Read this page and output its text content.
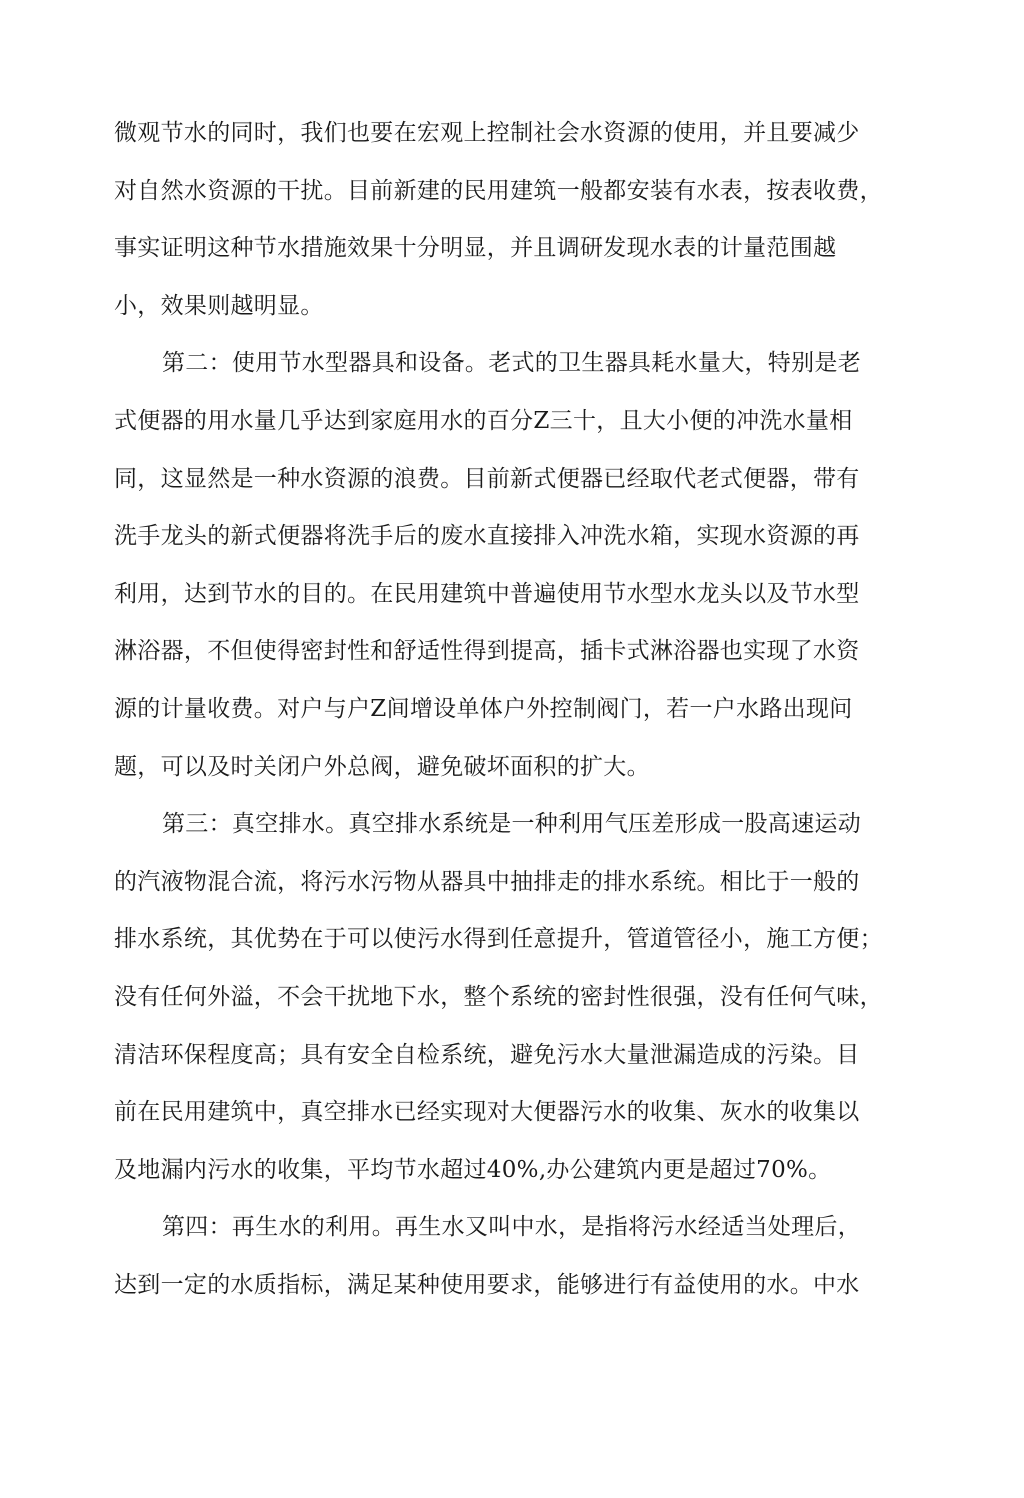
微观节水的同时，我们也要在宏观上控制社会水资源的使用，并且要减少
对自然水资源的干扰。目前新建的民用建筑一般都安装有水表，按表收费，
事实证明这种节水措施效果十分明显，并且调研发现水表的计量范围越
小，效果则越明显。
第二：使用节水型器具和设备。老式的卫生器具耗水量大，特别是老
式便器的用水量几乎达到家庭用水的百分Z三十，且大小便的冲洗水量相
同，这显然是一种水资源的浪费。目前新式便器已经取代老式便器，带有
洗手龙头的新式便器将洗手后的废水直接排入冲洗水箱，实现水资源的再
利用，达到节水的目的。在民用建筑中普遍使用节水型水龙头以及节水型
淋浴器，不但使得密封性和舒适性得到提高，插卡式淋浴器也实现了水资
源的计量收费。对户与户Z间增设单体户外控制阀门，若一户水路出现问
题，可以及时关闭户外总阀，避免破坏面积的扩大。
第三：真空排水。真空排水系统是一种利用气压差形成一股高速运动
的汽液物混合流，将污水污物从器具中抽排走的排水系统。相比于一般的
排水系统，其优势在于可以使污水得到任意提升，管道管径小，施工方便；
没有任何外溢，不会干扰地下水，整个系统的密封性很强，没有任何气味，
清洁环保程度高；具有安全自检系统，避免污水大量泄漏造成的污染。目
前在民用建筑中，真空排水已经实现对大便器污水的收集、灰水的收集以
及地漏内污水的收集，平均节水超过40%,办公建筑内更是超过70%。
第四：再生水的利用。再生水又叫中水，是指将污水经适当处理后，
达到一定的水质指标，满足某种使用要求，能够进行有益使用的水。中水
